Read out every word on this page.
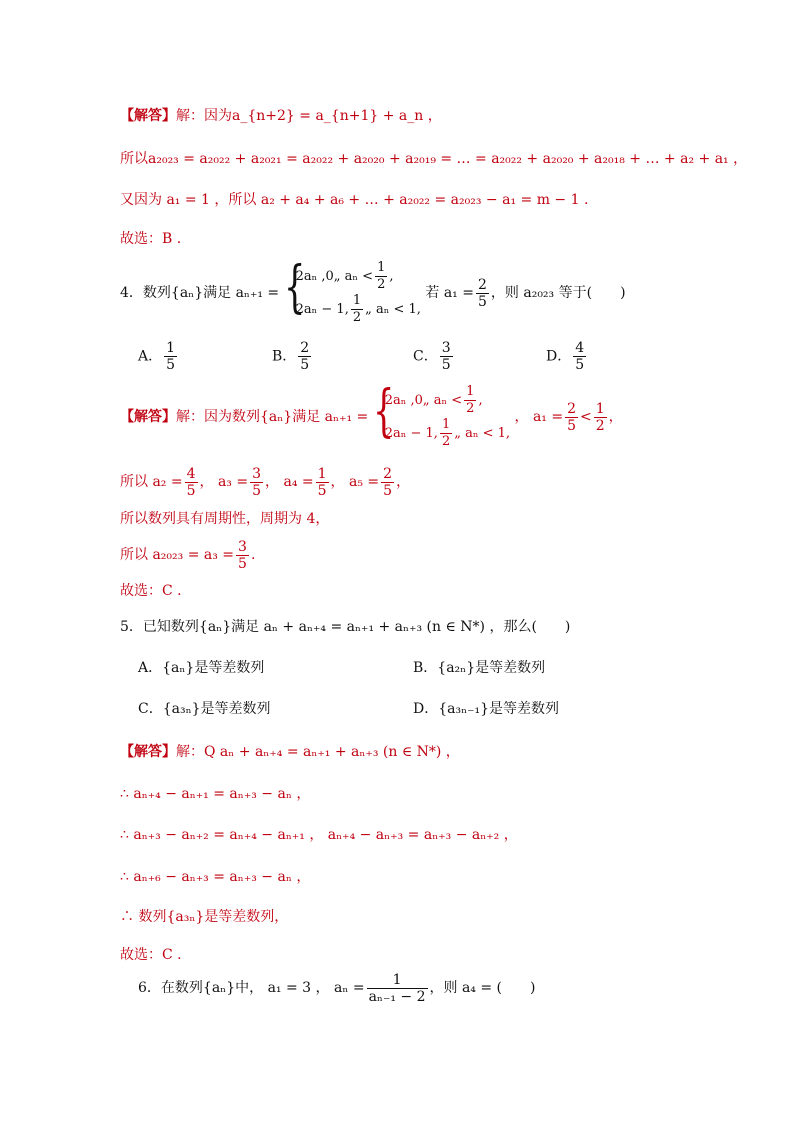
【解答】解：因为a_{n+2} = a_{n+1} + a_n ，
所以a₂₀₂₃ = a₂₀₂₂ + a₂₀₂₁ = a₂₀₂₂ + a₂₀₂₀ + a₂₀₁₉ = … = a₂₀₂₂ + a₂₀₂₀ + a₂₀₁₈ + … + a₂ + a₁ ，
又因为 a₁ = 1 ，所以 a₂ + a₄ + a₆ + … + a₂₀₂₂ = a₂₀₂₃ − a₁ = m − 1 .
故选：B .
4．数列{aₙ}满足 aₙ₊₁ = {
2aₙ ,0„ $a_n < \frac{1}{2}$ ,
2aₙ − 1, $\frac{1}{2}$ „ aₙ < 1,
若 $a_1 = \frac{2}{5}$ ，则 a₂₀₂₃ 等于(　　)
A． $\frac{1}{5}$	B． $\frac{2}{5}$	C． $\frac{3}{5}$	D． $\frac{4}{5}$
【解答】解：因为数列{aₙ}满足 aₙ₊₁ = {
2aₙ ,0„ $a_n < \frac{1}{2}$ ,
2aₙ − 1, $\frac{1}{2}$ „ aₙ < 1,
， $a_1 = \frac{2}{5} < \frac{1}{2}$ ，
所以 $a_2 = \frac{4}{5}$ ， $a_3 = \frac{3}{5}$ ， $a_4 = \frac{1}{5}$ ， $a_5 = \frac{2}{5}$ ，
所以数列具有周期性，周期为 4，
所以 $a_{2023} = a_3 = \frac{3}{5}$ .
故选：C .
5．已知数列{aₙ}满足 aₙ + aₙ₊₄ = aₙ₊₁ + aₙ₊₃ (n ∈ N*) ，那么(　　)
A．{aₙ}是等差数列	B．{a₂ₙ}是等差数列
C．{a₃ₙ}是等差数列	D．{a₃ₙ₋₁}是等差数列
【解答】解：Q aₙ + aₙ₊₄ = aₙ₊₁ + aₙ₊₃ (n ∈ N*) ，
∴ aₙ₊₄ − aₙ₊₁ = aₙ₊₃ − aₙ ，
∴ aₙ₊₃ − aₙ₊₂ = aₙ₊₄ − aₙ₊₁ ， aₙ₊₄ − aₙ₊₃ = aₙ₊₃ − aₙ₊₂ ，
∴ aₙ₊₆ − aₙ₊₃ = aₙ₊₃ − aₙ ，
∴ 数列{a₃ₙ}是等差数列，
故选：C .
6．在数列{aₙ}中， a₁ = 3 ， $a_n = \frac{1}{\text{aₙ₋₁ − 2}}$ ，则 a₄ = (　　)
